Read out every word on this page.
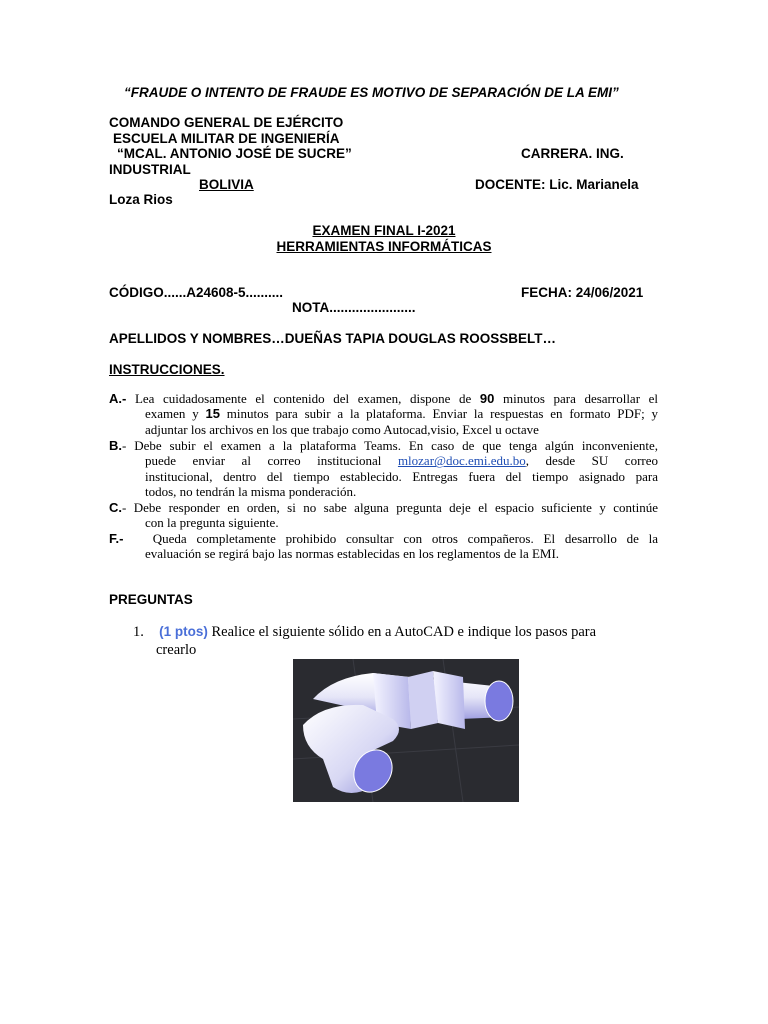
“FRAUDE O INTENTO DE FRAUDE ES MOTIVO DE SEPARACIÓN DE LA EMI”
COMANDO GENERAL DE EJÉRCITO
ESCUELA MILITAR DE INGENIERÍA
“MCAL. ANTONIO JOSÉ DE SUCRE”	CARRERA. ING.
INDUSTRIAL
BOLIVIA	DOCENTE: Lic. Marianela
Loza Rios
EXAMEN FINAL I-2021
HERRAMIENTAS INFORMÁTICAS
CÓDIGO......A24608-5..........	FECHA: 24/06/2021
NOTA.......................
APELLIDOS Y NOMBRES…DUEÑAS TAPIA DOUGLAS ROOSSBELT…
INSTRUCCIONES.
A.- Lea cuidadosamente el contenido del examen, dispone de 90 minutos para desarrollar el
examen y 15 minutos para subir a la plataforma. Enviar la respuestas en formato PDF; y
adjuntar los archivos en los que trabajo como Autocad,visio, Excel u octave
B.- Debe subir el examen a la plataforma Teams. En caso de que tenga algún inconveniente,
puede enviar al correo institucional mlozar@doc.emi.edu.bo, desde SU correo
institucional, dentro del tiempo establecido. Entregas fuera del tiempo asignado para
todos, no tendrán la misma ponderación.
C.- Debe responder en orden, si no sabe alguna pregunta deje el espacio suficiente y continúe
con la pregunta siguiente.
F.- Queda completamente prohibido consultar con otros compañeros. El desarrollo de la
evaluación se regirá bajo las normas establecidas en los reglamentos de la EMI.
PREGUNTAS
1. (1 ptos) Realice el siguiente sólido en a AutoCAD e indique los pasos para
crearlo
